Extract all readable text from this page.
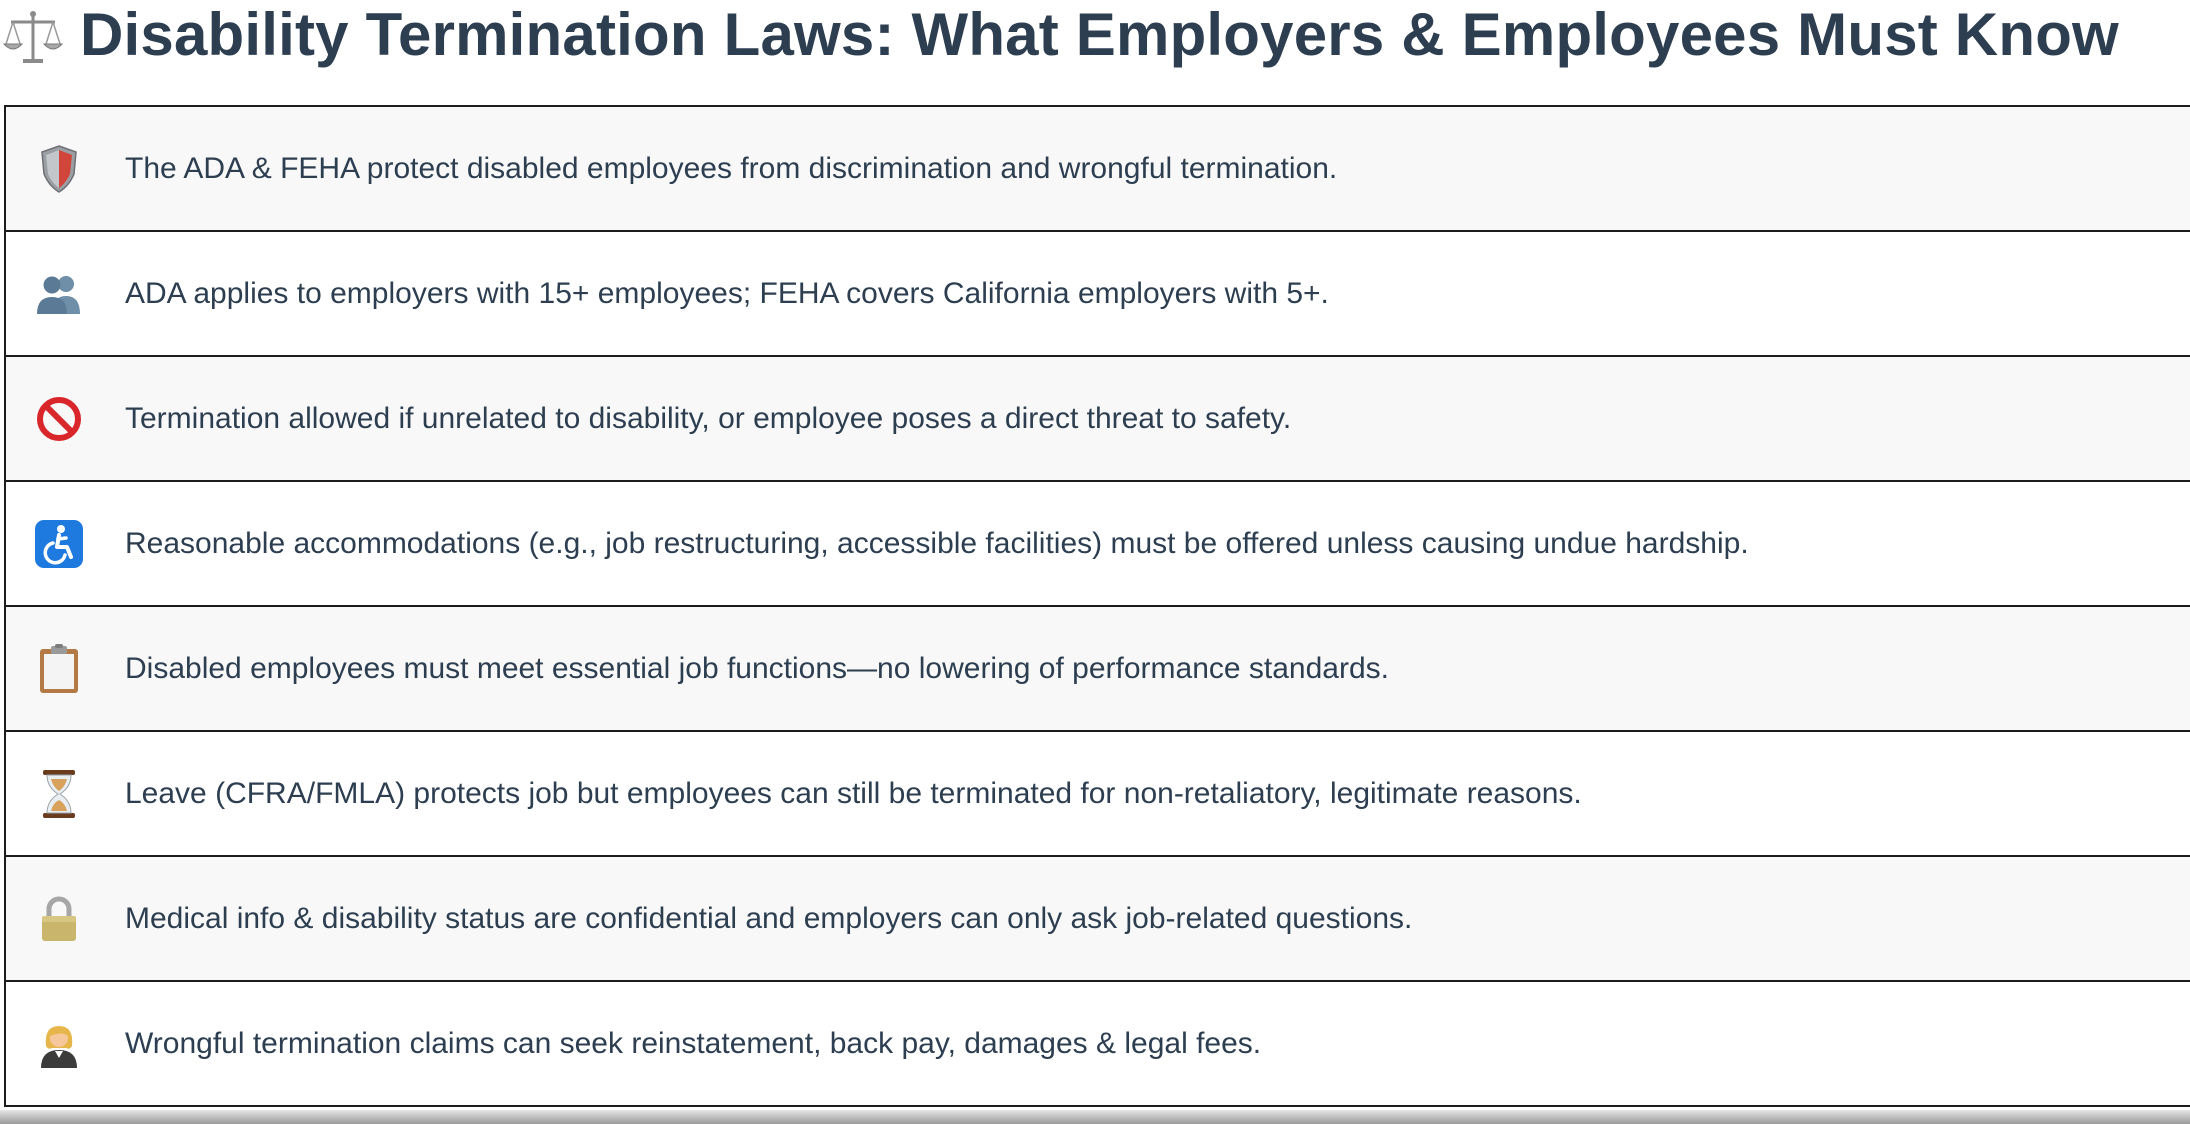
Disability Termination Laws: What Employers & Employees Must Know
The ADA & FEHA protect disabled employees from discrimination and wrongful termination.
ADA applies to employers with 15+ employees; FEHA covers California employers with 5+.
Termination allowed if unrelated to disability, or employee poses a direct threat to safety.
Reasonable accommodations (e.g., job restructuring, accessible facilities) must be offered unless causing undue hardship.
Disabled employees must meet essential job functions—no lowering of performance standards.
Leave (CFRA/FMLA) protects job but employees can still be terminated for non-retaliatory, legitimate reasons.
Medical info & disability status are confidential and employers can only ask job-related questions.
Wrongful termination claims can seek reinstatement, back pay, damages & legal fees.
